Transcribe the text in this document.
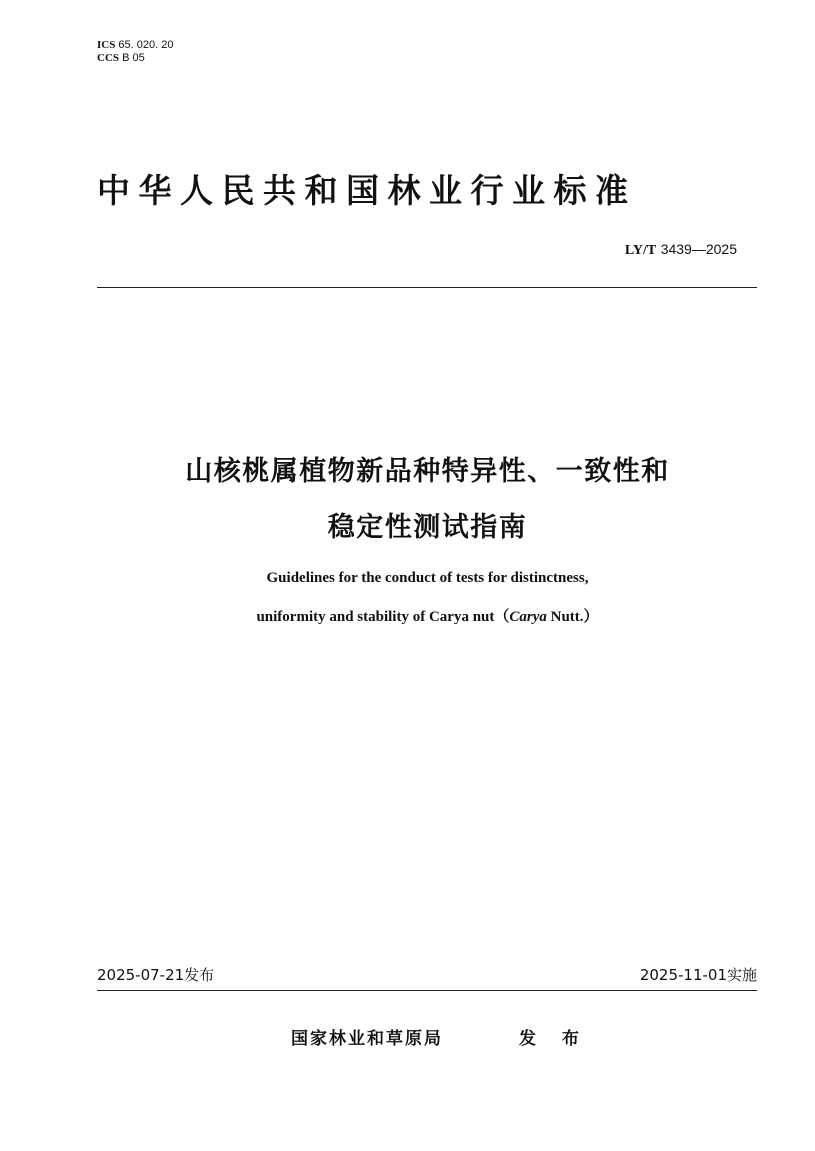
ICS 65. 020. 20
CCS B 05
中华人民共和国林业行业标准
LY/T 3439—2025
山核桃属植物新品种特异性、一致性和
稳定性测试指南
Guidelines for the conduct of tests for distinctness,
uniformity and stability of Carya nut（Carya Nutt.）
2025-07-21发布	2025-11-01实施
国家林业和草原局	发 布
